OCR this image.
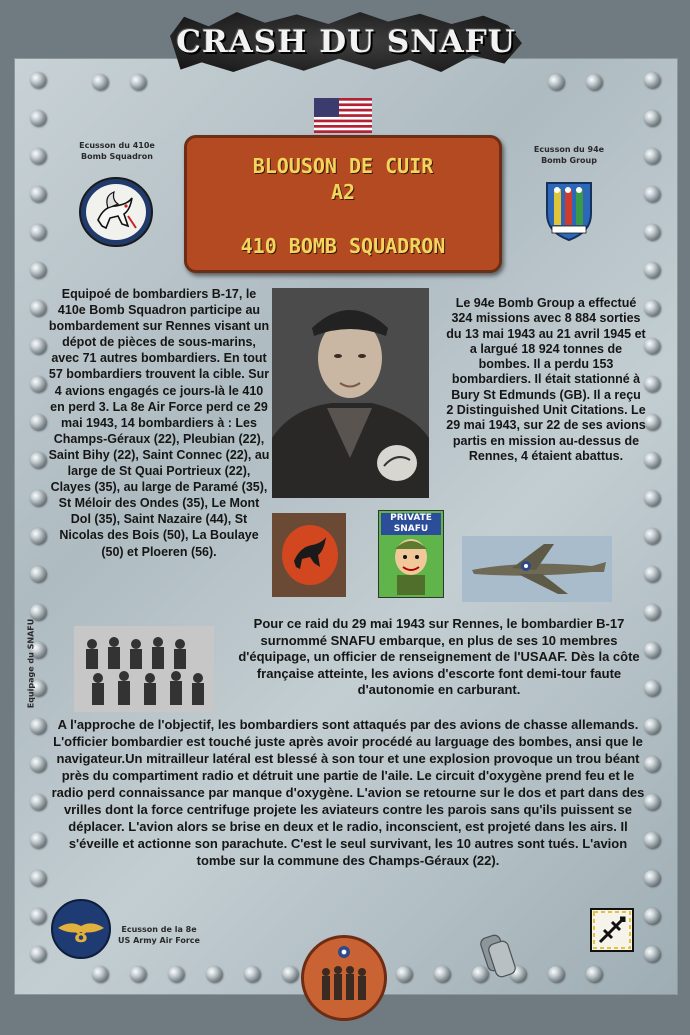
CRASH DU SNAFU
BLOUSON DE CUIR
A2
410 BOMB SQUADRON
Ecusson du 410e Bomb Squadron
Ecusson du 94e Bomb Group
Equipoé de bombardiers B-17, le 410e Bomb Squadron participe au bombardement sur Rennes visant un dépot de pièces de sous-marins, avec 71 autres bombardiers. En tout 57 bombardiers trouvent la cible. Sur 4 avions engagés ce jours-là le 410 en perd 3. La 8e Air Force perd ce 29 mai 1943, 14 bombardiers à : Les Champs-Géraux (22), Pleubian (22), Saint Bihy (22), Saint Connec (22), au large de St Quai Portrieux (22), Clayes (35), au large de Paramé (35), St Méloir des Ondes (35), Le Mont Dol (35), Saint Nazaire (44), St Nicolas des Bois (50), La Boulaye (50) et Ploeren (56).
Le 94e Bomb Group a effectué 324 missions avec 8 884 sorties du 13 mai 1943 au 21 avril 1945 et a largué 18 924 tonnes de bombes. Il a perdu 153 bombardiers. Il était stationné à Bury St Edmunds (GB). Il a reçu 2 Distinguished Unit Citations. Le 29 mai 1943, sur 22 de ses avions partis en mission au-dessus de Rennes, 4 étaient abattus.
PRIVATE SNAFU
Equipage du SNAFU	Pour ce raid du 29 mai 1943 sur Rennes, le bombardier B-17 surnommé SNAFU embarque, en plus de ses 10 membres d'équipage, un officier de renseignement de l'USAAF. Dès la côte française atteinte, les avions d'escorte font demi-tour faute d'autonomie en carburant.
A l'approche de l'objectif, les bombardiers sont attaqués par des avions de chasse allemands. L'officier bombardier est touché juste après avoir procédé au larguage des bombes, ansi que le navigateur.Un mitrailleur latéral est blessé à son tour et une explosion provoque un trou béant près du compartiment radio et détruit une partie de l'aile. Le circuit d'oxygène prend feu et le radio perd connaissance par manque d'oxygène. L'avion se retourne sur le dos et part dans des vrilles dont la force centrifuge projete les aviateurs contre les parois sans qu'ils puissent se déplacer. L'avion alors se brise en deux et le radio, inconscient, est projeté dans les airs. Il s'éveille et actionne son parachute. C'est le seul survivant, les 10 autres sont tués. L'avion tombe sur la commune des Champs-Géraux (22).
8	Ecusson de la 8e US Army Air Force
